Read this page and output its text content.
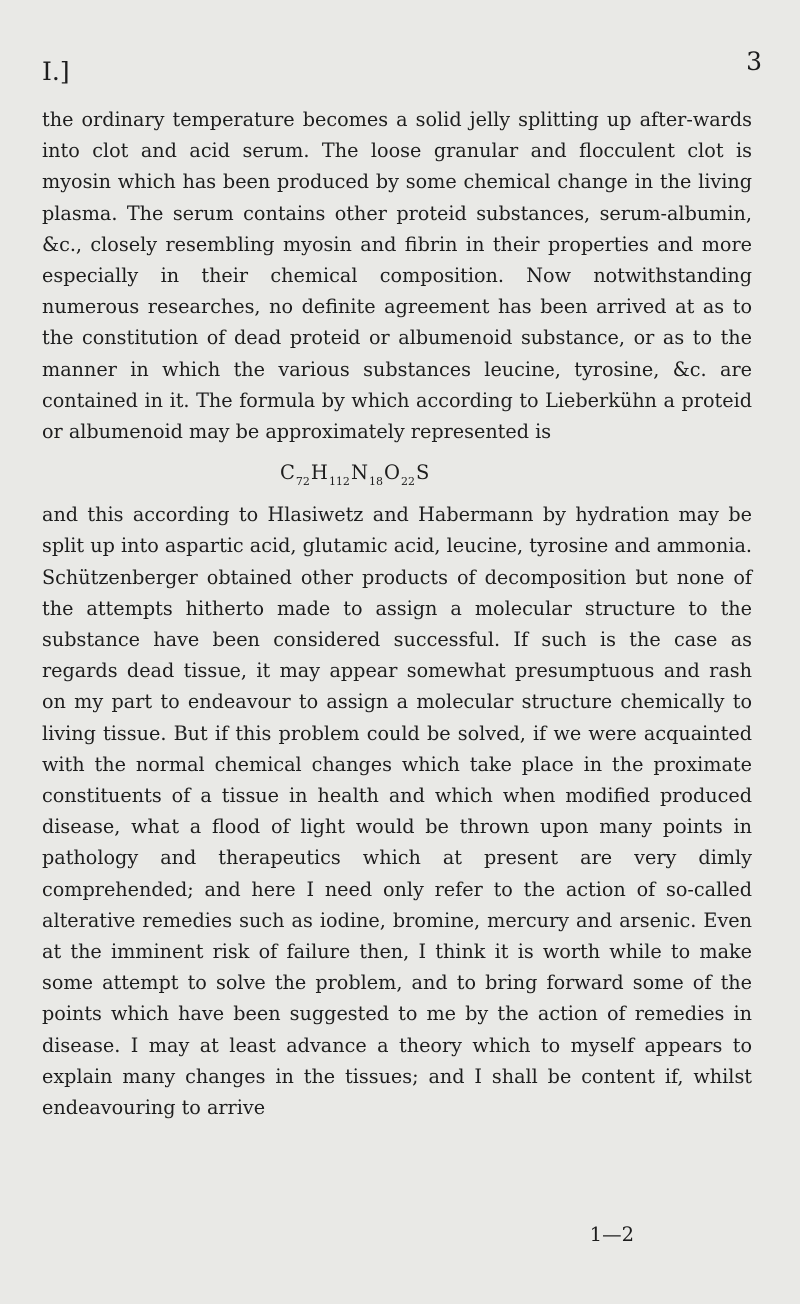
I.]	3

the ordinary temperature becomes a solid jelly splitting up after-wards into clot and acid serum. The loose granular and flocculent clot is myosin which has been produced by some chemical change in the living plasma. The serum contains other proteid substances, serum-albumin, &c., closely resembling myosin and fibrin in their properties and more especially in their chemical composition. Now notwithstanding numerous researches, no definite agreement has been arrived at as to the constitution of dead proteid or albumenoid substance, or as to the manner in which the various substances leucine, tyrosine, &c. are contained in it. The formula by which according to Lieberkühn a proteid or albumenoid may be approximately represented is

$C_{72}H_{112}N_{18}O_{22}S$

and this according to Hlasiwetz and Habermann by hydration may be split up into aspartic acid, glutamic acid, leucine, tyrosine and ammonia. Schützenberger obtained other products of decomposition but none of the attempts hitherto made to assign a molecular structure to the substance have been considered successful. If such is the case as regards dead tissue, it may appear somewhat presumptuous and rash on my part to endeavour to assign a molecular structure chemically to living tissue. But if this problem could be solved, if we were acquainted with the normal chemical changes which take place in the proximate constituents of a tissue in health and which when modified produced disease, what a flood of light would be thrown upon many points in pathology and therapeutics which at present are very dimly comprehended; and here I need only refer to the action of so-called alterative remedies such as iodine, bromine, mercury and arsenic. Even at the imminent risk of failure then, I think it is worth while to make some attempt to solve the problem, and to bring forward some of the points which have been suggested to me by the action of remedies in disease. I may at least advance a theory which to myself appears to explain many changes in the tissues; and I shall be content if, whilst endeavouring to arrive

1—2
